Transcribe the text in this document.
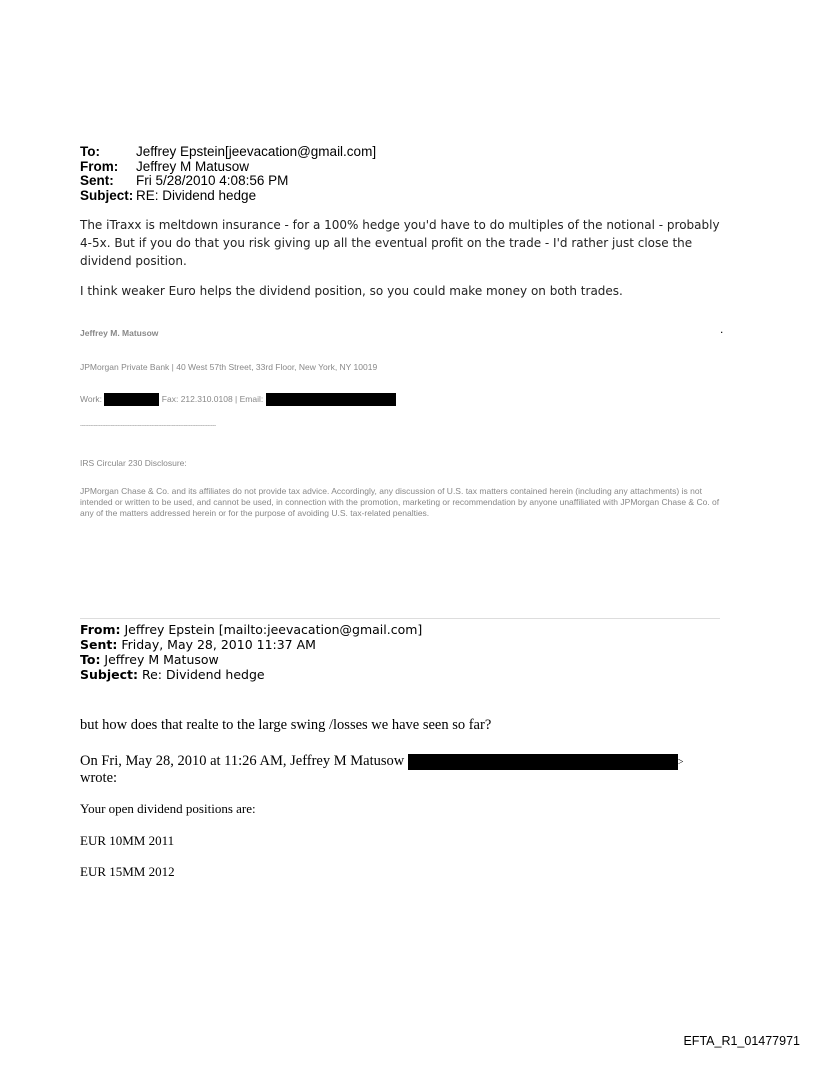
To:	Jeffrey Epstein[jeevacation@gmail.com]
From:	Jeffrey M Matusow
Sent:	Fri 5/28/2010 4:08:56 PM
Subject: RE: Dividend hedge

The iTraxx is meltdown insurance - for a 100% hedge you'd have to do multiples of the notional - probably 4-5x. But if you do that you risk giving up all the eventual profit on the trade - I'd rather just close the dividend position.

I think weaker Euro helps the dividend position, so you could make money on both trades.

.
Jeffrey M. Matusow
JPMorgan Private Bank | 40 West 57th Street, 33rd Floor, New York, NY 10019
Work:	Fax: 212.310.0108 | Email:
--------------------------------------------------------------------------------
IRS Circular 230 Disclosure:
JPMorgan Chase & Co. and its affiliates do not provide tax advice. Accordingly, any discussion of U.S. tax matters contained herein (including any attachments) is not intended or written to be used, and cannot be used, in connection with the promotion, marketing or recommendation by anyone unaffiliated with JPMorgan Chase & Co. of any of the matters addressed herein or for the purpose of avoiding U.S. tax-related penalties.
From: Jeffrey Epstein [mailto:jeevacation@gmail.com]
Sent: Friday, May 28, 2010 11:37 AM
To: Jeffrey M Matusow
Subject: Re: Dividend hedge
but how does that realte to the large swing /losses we have seen so far?
On Fri, May 28, 2010 at 11:26 AM, Jeffrey M Matusow	>
wrote:
Your open dividend positions are:
EUR 10MM 2011
EUR 15MM 2012
EFTA_R1_01477971
